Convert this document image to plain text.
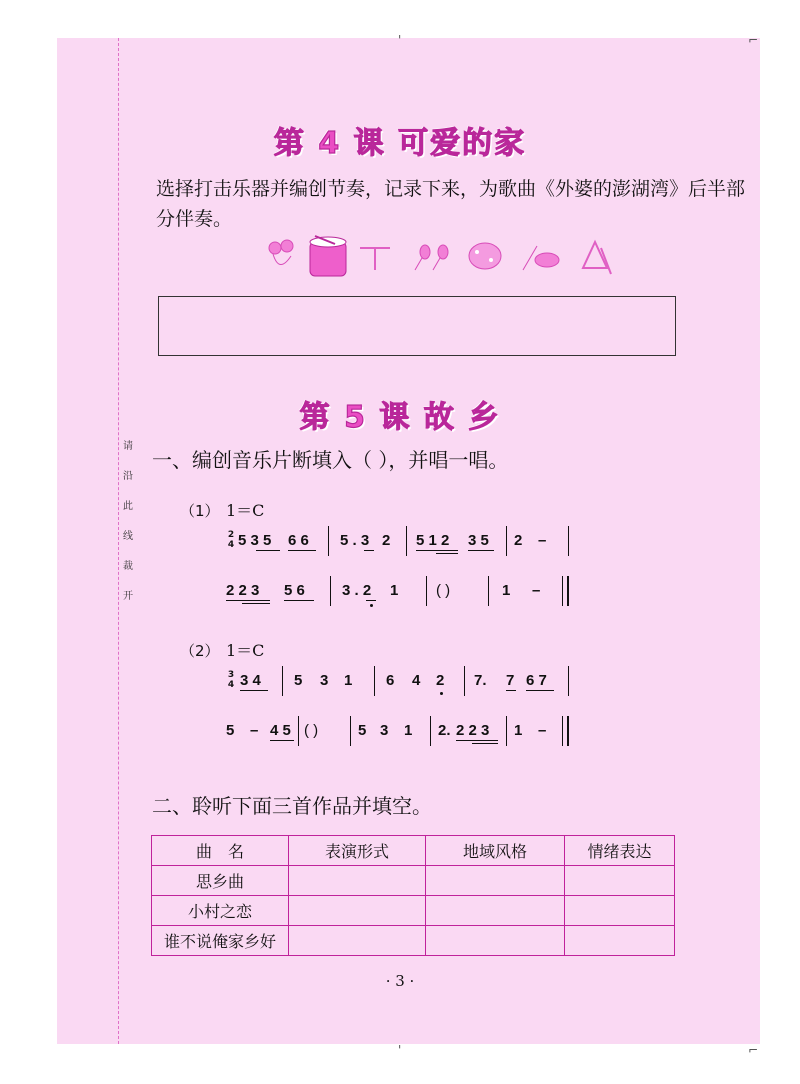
'	⌐
'	⌐
请
沿
此
线
裁
开
第 4 课 可爱的家
选择打击乐器并编创节奏，记录下来，为歌曲《外婆的澎湖湾》后半部分伴奏。
第 5 课 故 乡
一、编创音乐片断填入（ ），并唱一唱。
（1） 1＝C
2
4 5 3 5 6 6 5 . 3 2 5 1 2 3 5 2 –
2 2 3 5 6 3 . 2 1	( )	1 –
（2） 1＝C
3
4 3 4 5 3 1 6 4 2 7. 7 6 7
5 – 4 5 ( )	5 3 1 2. 2 2 3 1 –
二、聆听下面三首作品并填空。
曲　名	表演形式	地域风格	情绪表达
思乡曲			
小村之恋			
谁不说俺家乡好			
· 3 ·
